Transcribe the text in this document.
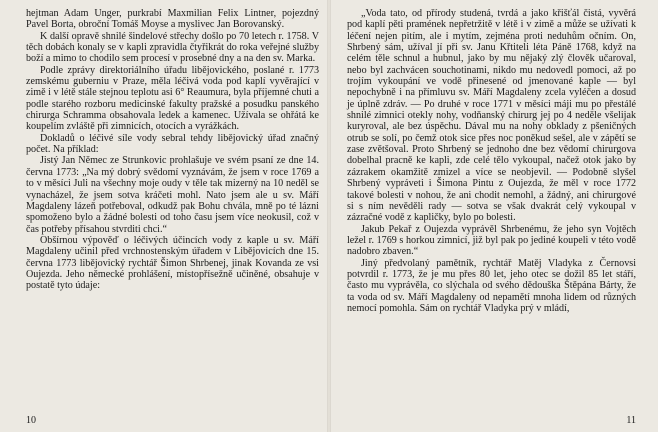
hejtman Adam Unger, purkrabí Maxmilian Felix Lintner, pojezdný Pavel Borta, obroční Tomáš Moyse a myslivec Jan Borovanský.

K další opravě shnilé šindelové střechy došlo po 70 letech r. 1758. V těch dobách konaly se v kapli zpravidla čtyřikrát do roka veřejné služby boží a mimo to chodilo sem procesí v prosebné dny a na den sv. Marka.

Podle zprávy direktoriálního úřadu libějovického, poslané r. 1773 zemskému guberniu v Praze, měla léčivá voda pod kaplí vyvěrající v zimě i v létě stále stejnou teplotu asi 6° Reaumura, byla příjemné chuti a podle starého rozboru medicinské fakulty pražské a posudku panského chirurga Schramma obsahovala ledek a kamenec. Užívala se ohřátá ke koupelím zvláště při zimnicích, otocích a vyrážkách.

Dokladů o léčivé síle vody sebral tehdy libějovický úřad značný počet. Na příklad:

Jistý Jan Němec ze Strunkovic prohlašuje ve svém psaní ze dne 14. června 1773: „Na mý dobrý svědomí vyznávám, že jsem v roce 1769 a to v měsíci Juli na všechny moje oudy v těle tak mizerný na 10 neděl se vynacházel, že jsem sotva kráčeti mohl. Nato jsem ale u sv. Máří Magdaleny lázeň potřeboval, odkudž pak Bohu chvála, mně po té lázni spomoženo bylo a žádné bolesti od toho času jsem více neokusil, což v čas potřeby přísahou stvrditi chci.“

Obšírnou výpověď o léčivých účincích vody z kaple u sv. Máří Magdaleny učinil před vrchnostenským úřadem v Libějovicích dne 15. června 1773 libějovický rychtář Šimon Shrbenej, jinak Kovanda ze vsi Oujezda. Jeho německé prohlášení, místopřísežně učiněné, obsahuje v postatě tyto údaje:

10

„Voda tato, od přírody studená, tvrdá a jako křišťál čistá, vyvěrá pod kaplí pěti pramének nepřetržitě v létě i v zimě a může se užívati k léčení nejen pitím, ale i mytím, zejména proti neduhům očním. On, Shrbený sám, užíval jí při sv. Janu Křtiteli léta Páně 1768, když na celém těle schnul a hubnul, jako by mu nějaký zlý člověk učaroval, nebo byl zachvácen souchotinami, nikdo mu nedovedl pomoci, až po trojím vykoupání ve vodě přinesené od jmenované kaple — byl nepochybně i na přímluvu sv. Máří Magdaleny zcela vyléčen a dosud je úplně zdráv. — Po druhé v roce 1771 v měsíci máji mu po přestálé shnilé zimnici otekly nohy, vodňanský chirurg jej po 4 neděle všelijak kuryroval, ale bez úspěchu. Dával mu na nohy obklady z pšeničných otrub se solí, po čemž otok sice přes noc poněkud sešel, ale v zápětí se zase zvětšoval. Proto Shrbený se jednoho dne bez vědomí chirurgova dobelhal pracně ke kapli, zde celé tělo vykoupal, načež otok jako by zázrakem okamžitě zmizel a více se neobjevil. — Podobně slyšel Shrbený vypráveti i Šimona Pintu z Oujezda, že měl v roce 1772 takové bolesti v nohou, že ani chodit nemohl, a žádný, ani chirurgové si s ním nevěděli rady — sotva se však dvakrát celý vykoupal v zázračné vodě z kapličky, bylo po bolesti.

Jakub Pekař z Oujezda vyprávěl Shrbenému, že jeho syn Vojtěch ležel r. 1769 s horkou zimnicí, již byl pak po jediné koupeli v této vodě nadobro zbaven.“

Jiný předvolaný pamětník, rychtář Matěj Vladyka z Černovsi potvrdil r. 1773, že je mu přes 80 let, jeho otec se dožil 85 let stáří, často mu vyprávěla, co slýchala od svého dědouška Štěpána Bárty, že ta voda od sv. Máří Magdaleny od nepamětí mnoha lidem od různých nemocí pomohla. Sám on rychtář Vladyka prý v mládí,

11
